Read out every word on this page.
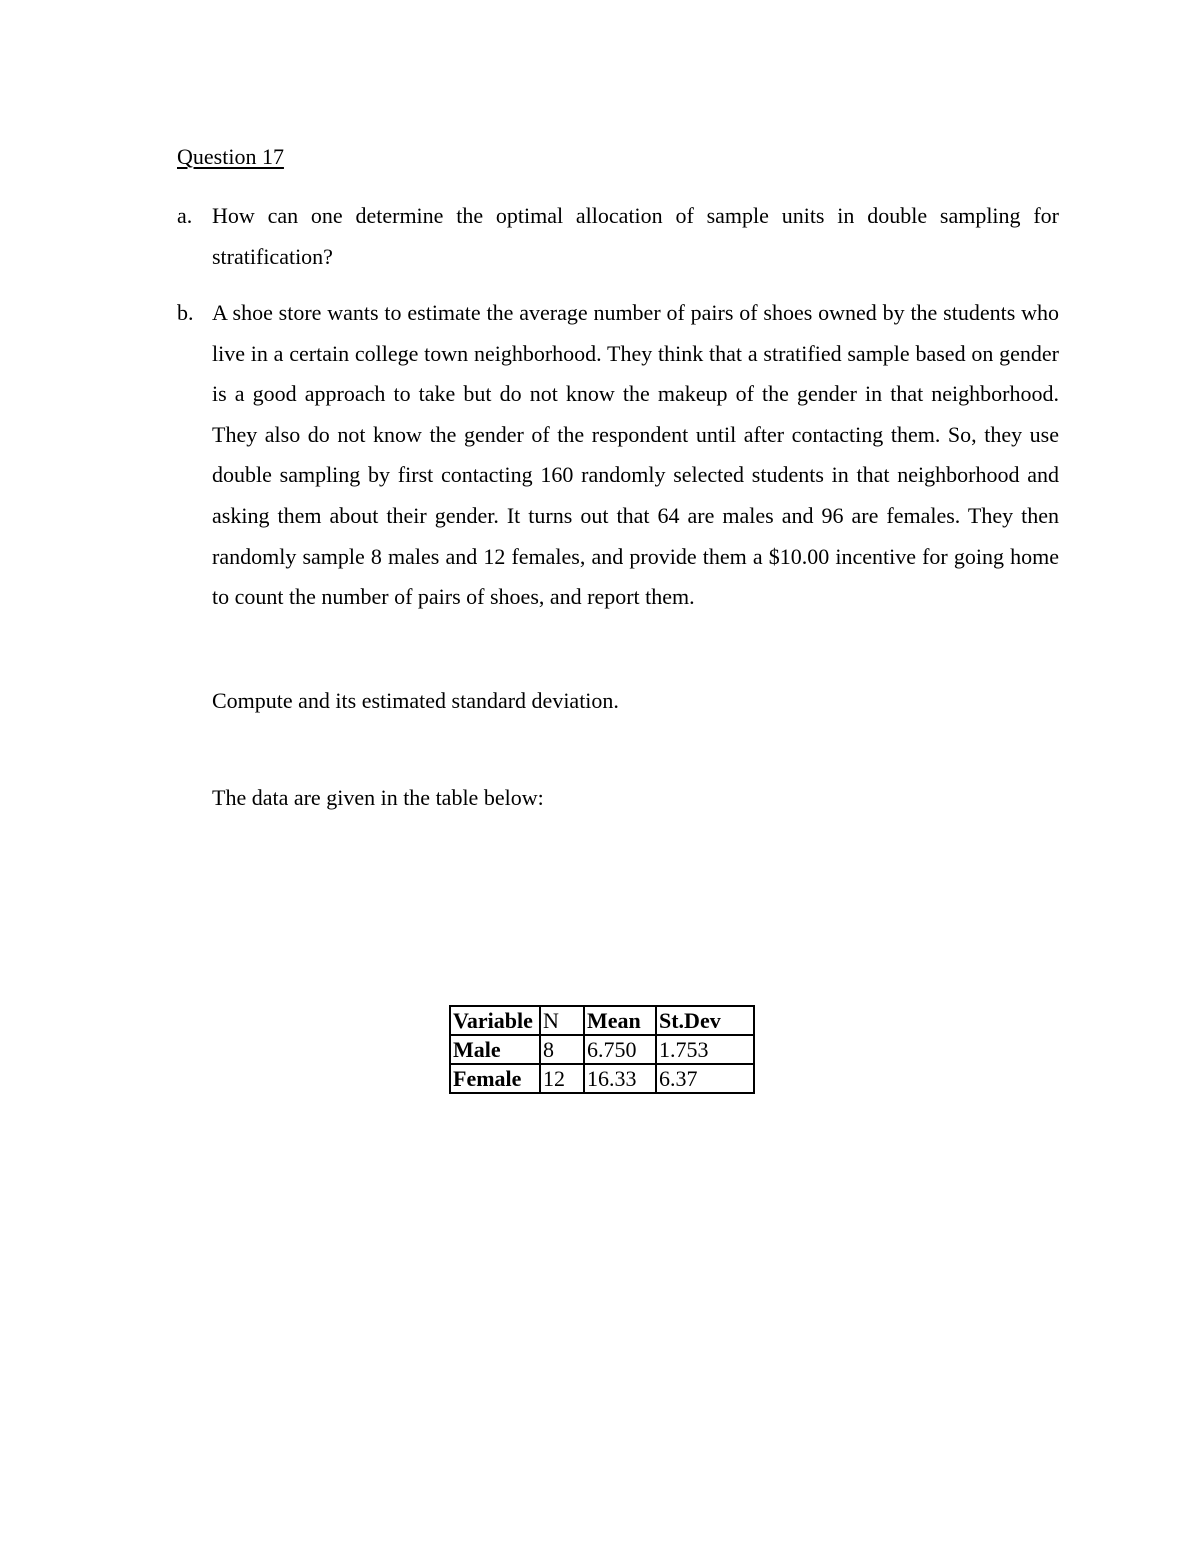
Question 17
a. How can one determine the optimal allocation of sample units in double sampling for stratification?
b. A shoe store wants to estimate the average number of pairs of shoes owned by the students who live in a certain college town neighborhood. They think that a stratified sample based on gender is a good approach to take but do not know the makeup of the gender in that neighborhood. They also do not know the gender of the respondent until after contacting them. So, they use double sampling by first contacting 160 randomly selected students in that neighborhood and asking them about their gender. It turns out that 64 are males and 96 are females. They then randomly sample 8 males and 12 females, and provide them a $10.00 incentive for going home to count the number of pairs of shoes, and report them.
Compute and its estimated standard deviation.
The data are given in the table below:
Variable	N	Mean	St.Dev
Male	8	6.750	1.753
Female	12	16.33	6.37
